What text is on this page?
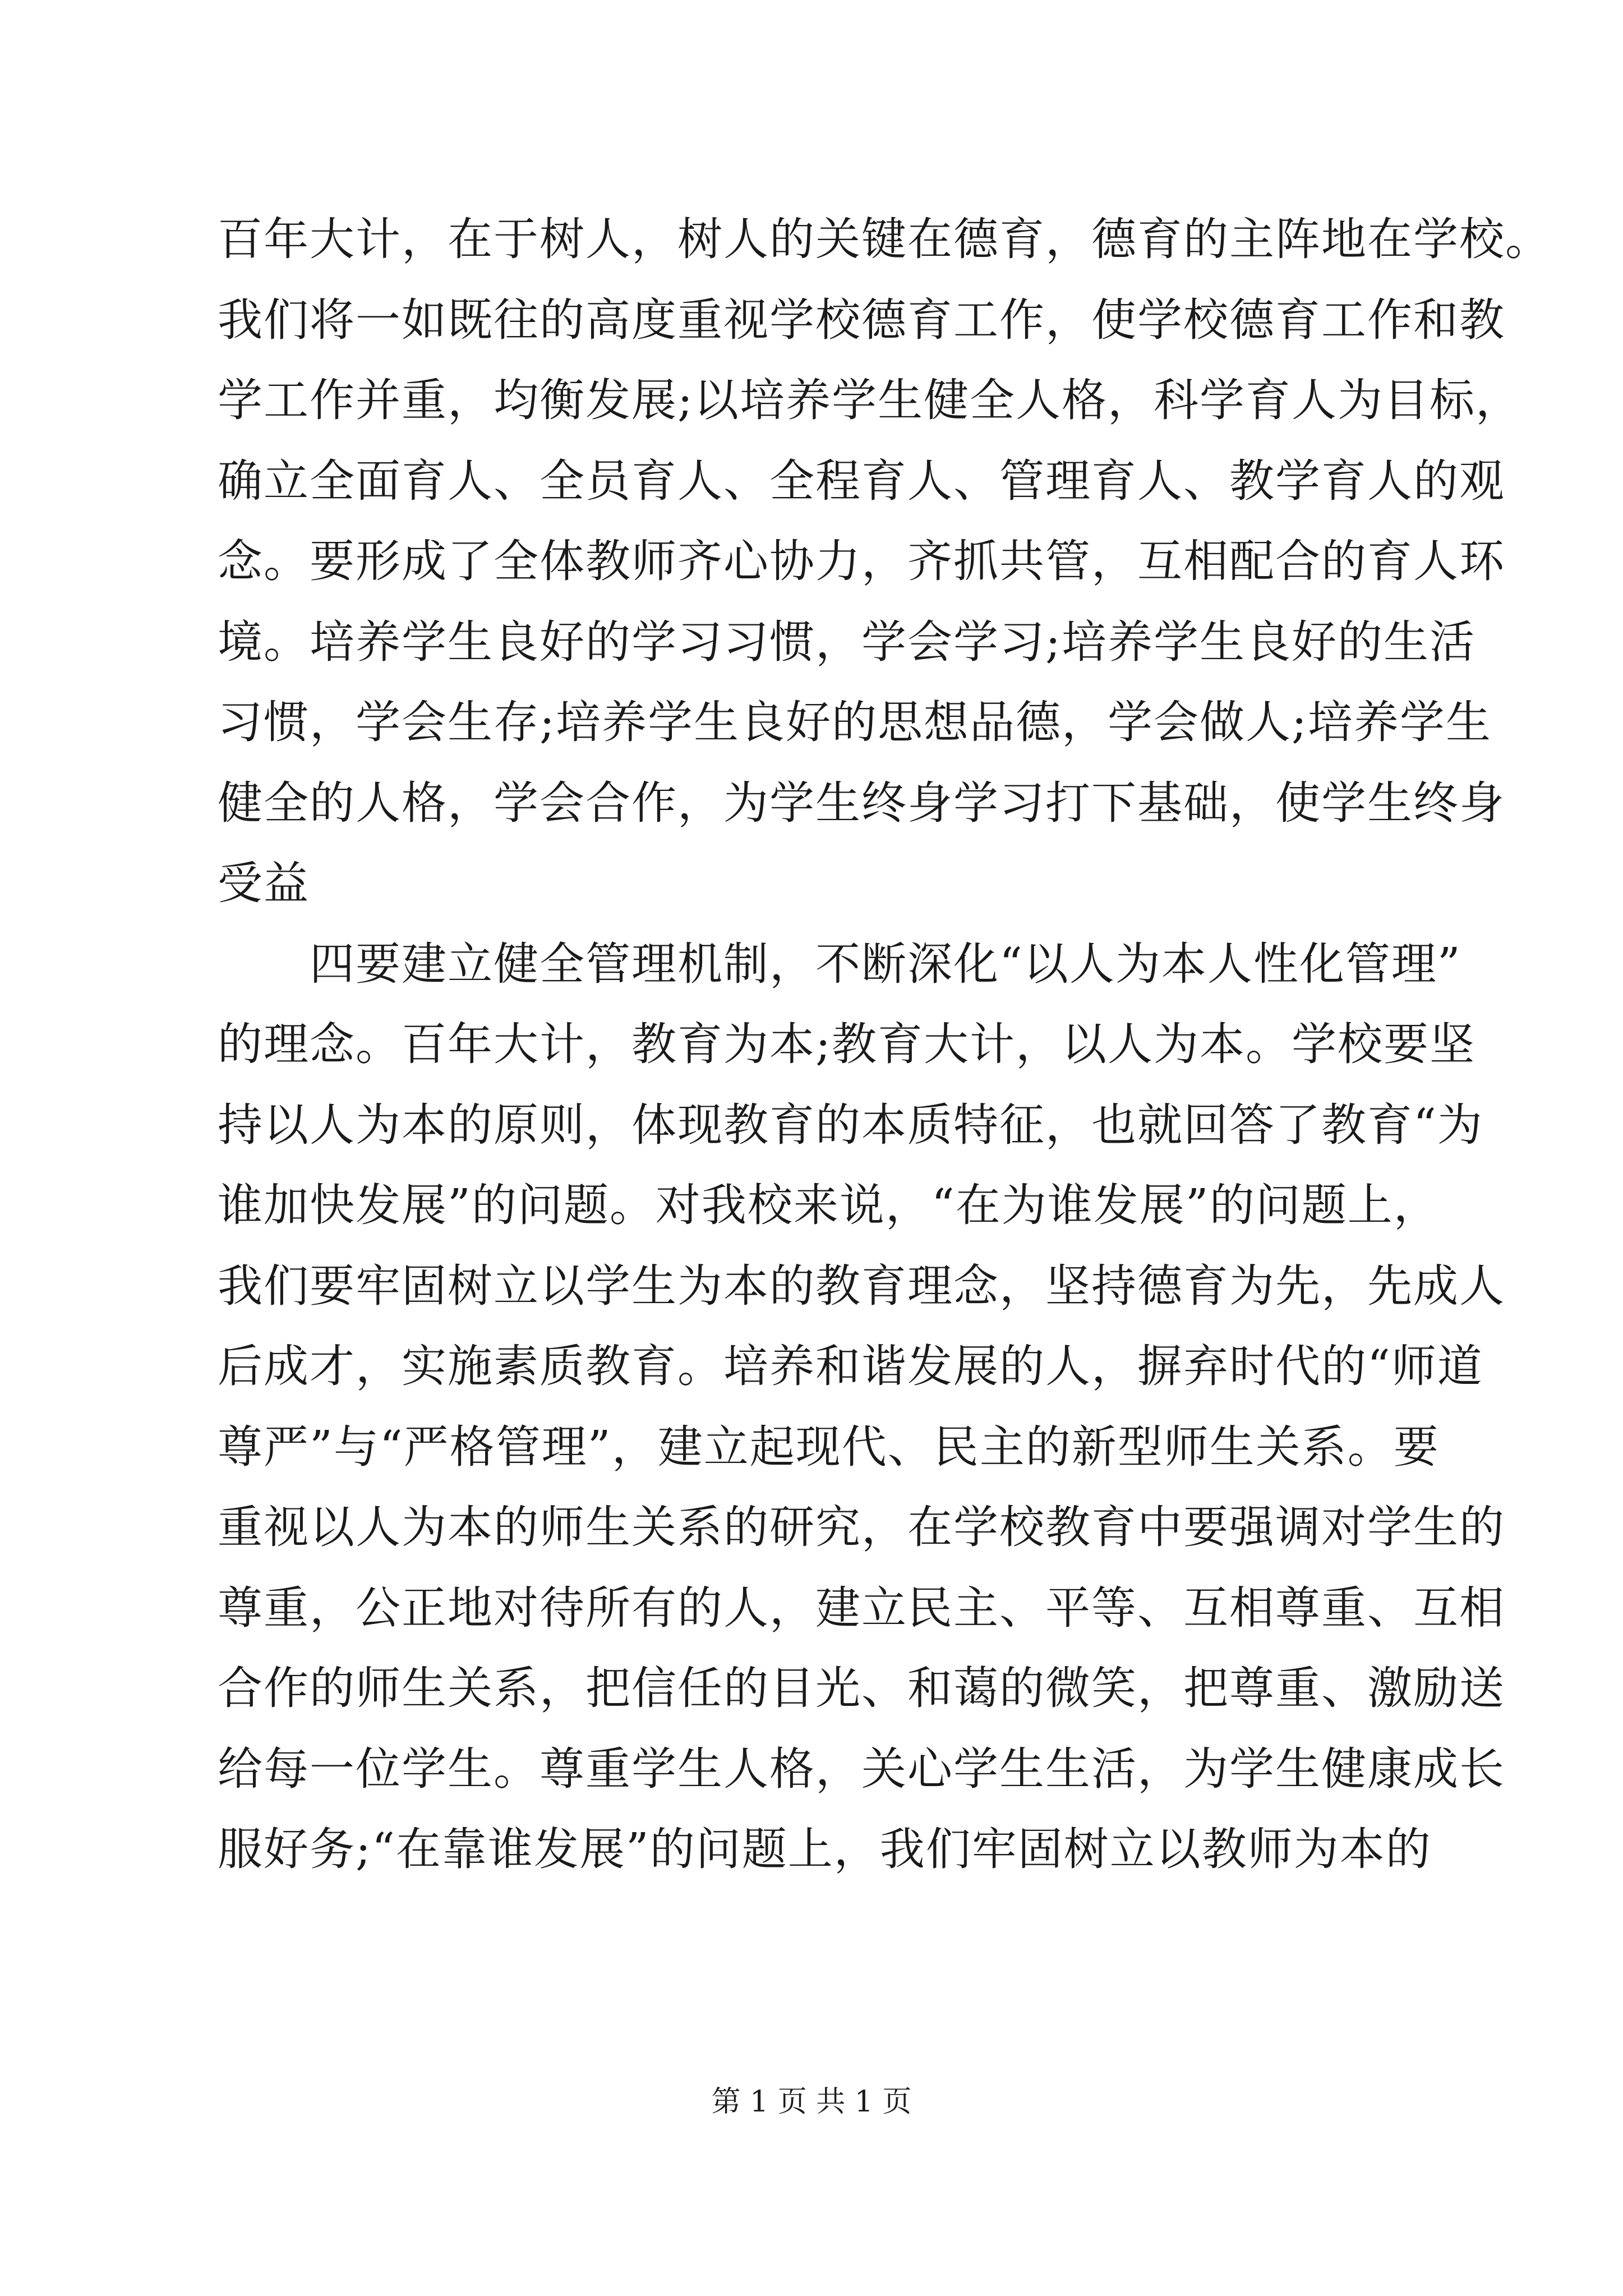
百年大计，在于树人，树人的关键在德育，德育的主阵地在学校。
我们将一如既往的高度重视学校德育工作，使学校德育工作和教
学工作并重，均衡发展;以培养学生健全人格，科学育人为目标，
确立全面育人、全员育人、全程育人、管理育人、教学育人的观
念。要形成了全体教师齐心协力，齐抓共管，互相配合的育人环
境。培养学生良好的学习习惯，学会学习;培养学生良好的生活
习惯，学会生存;培养学生良好的思想品德，学会做人;培养学生
健全的人格，学会合作，为学生终身学习打下基础，使学生终身
受益
　　四要建立健全管理机制，不断深化“以人为本人性化管理”
的理念。百年大计，教育为本;教育大计，以人为本。学校要坚
持以人为本的原则，体现教育的本质特征，也就回答了教育“为
谁加快发展”的问题。对我校来说，“在为谁发展”的问题上，
我们要牢固树立以学生为本的教育理念，坚持德育为先，先成人
后成才，实施素质教育。培养和谐发展的人，摒弃时代的“师道
尊严”与“严格管理”，建立起现代、民主的新型师生关系。要
重视以人为本的师生关系的研究，在学校教育中要强调对学生的
尊重，公正地对待所有的人，建立民主、平等、互相尊重、互相
合作的师生关系，把信任的目光、和蔼的微笑，把尊重、激励送
给每一位学生。尊重学生人格，关心学生生活，为学生健康成长
服好务;“在靠谁发展”的问题上，我们牢固树立以教师为本的
第 1 页 共 1 页
